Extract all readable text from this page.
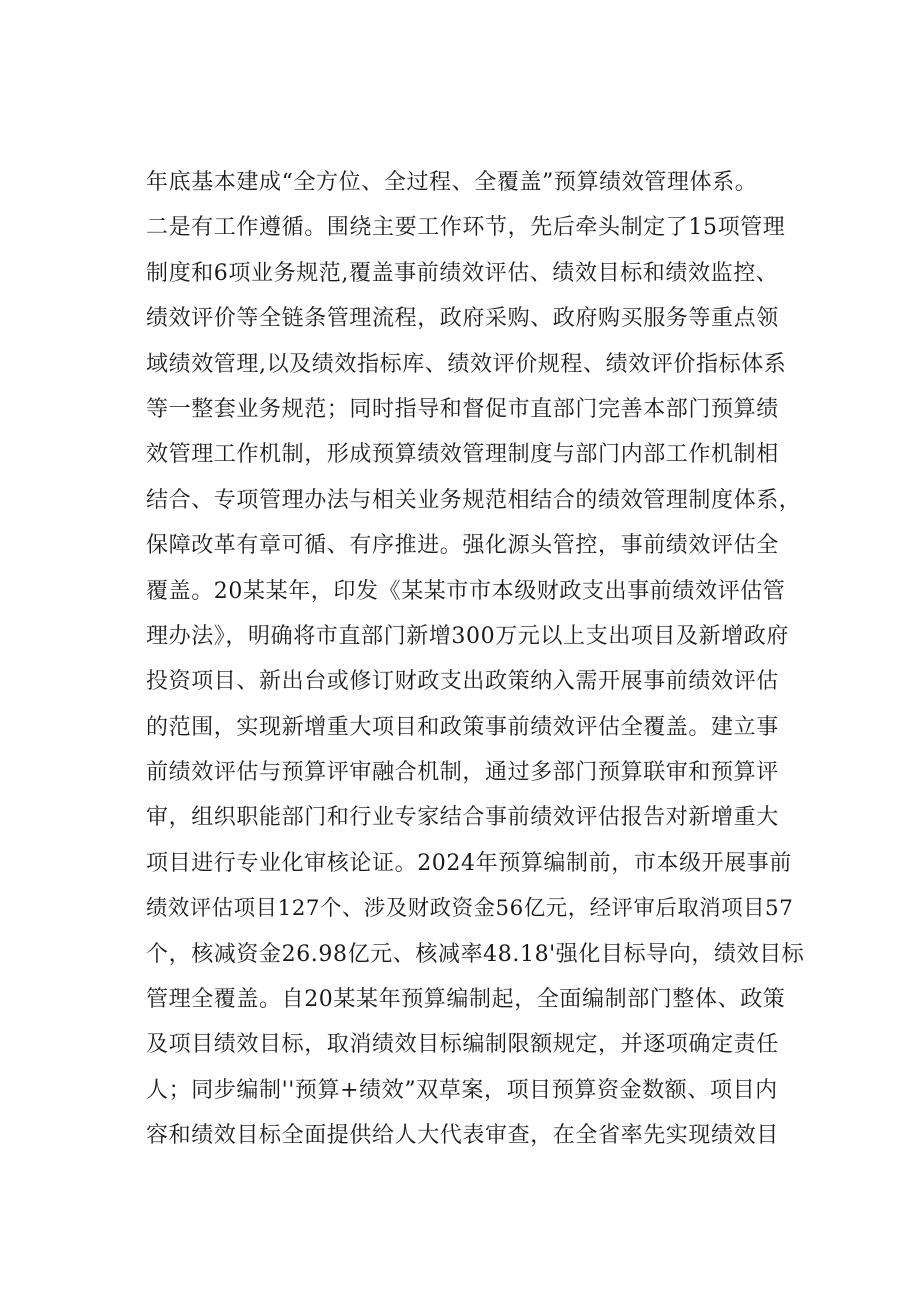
年底基本建成“全方位、全过程、全覆盖”预算绩效管理体系。
二是有工作遵循。围绕主要工作环节，先后牵头制定了15项管理
制度和6项业务规范,覆盖事前绩效评估、绩效目标和绩效监控、
绩效评价等全链条管理流程，政府采购、政府购买服务等重点领
域绩效管理,以及绩效指标库、绩效评价规程、绩效评价指标体系
等一整套业务规范；同时指导和督促市直部门完善本部门预算绩
效管理工作机制，形成预算绩效管理制度与部门内部工作机制相
结合、专项管理办法与相关业务规范相结合的绩效管理制度体系，
保障改革有章可循、有序推进。强化源头管控，事前绩效评估全
覆盖。20某某年，印发《某某市市本级财政支出事前绩效评估管
理办法》，明确将市直部门新增300万元以上支出项目及新增政府
投资项目、新出台或修订财政支出政策纳入需开展事前绩效评估
的范围，实现新增重大项目和政策事前绩效评估全覆盖。建立事
前绩效评估与预算评审融合机制，通过多部门预算联审和预算评
审，组织职能部门和行业专家结合事前绩效评估报告对新增重大
项目进行专业化审核论证。2024年预算编制前，市本级开展事前
绩效评估项目127个、涉及财政资金56亿元，经评审后取消项目57
个，核减资金26.98亿元、核减率48.18'强化目标导向，绩效目标
管理全覆盖。自20某某年预算编制起，全面编制部门整体、政策
及项目绩效目标，取消绩效目标编制限额规定，并逐项确定责任
人；同步编制''预算+绩效”双草案，项目预算资金数额、项目内
容和绩效目标全面提供给人大代表审查，在全省率先实现绩效目
